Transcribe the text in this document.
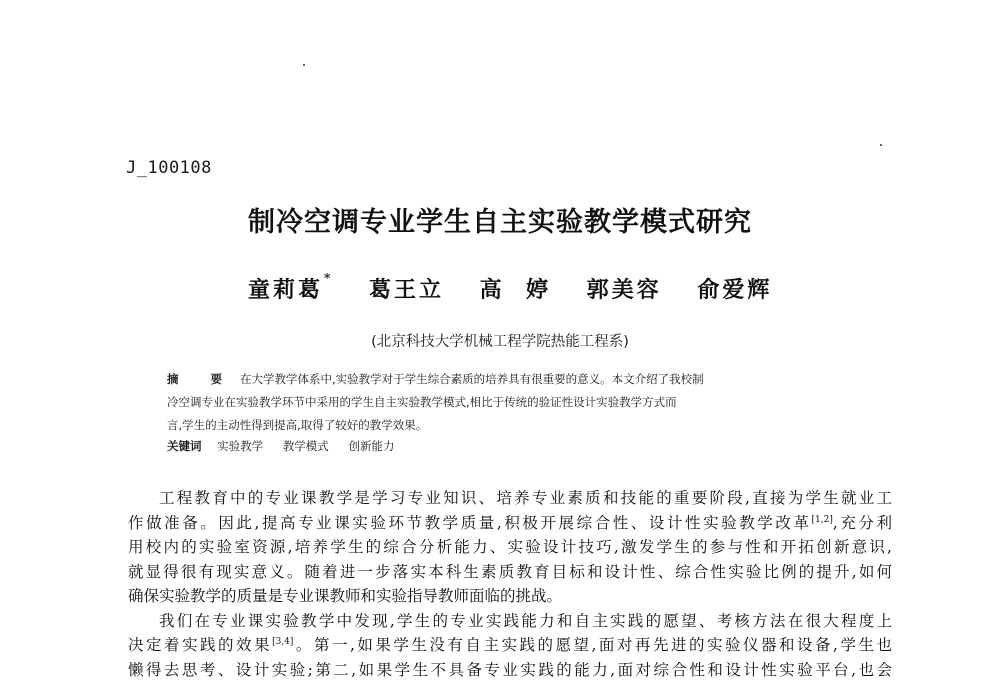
J_100108
制冷空调专业学生自主实验教学模式研究
童莉葛* 葛王立 高  婷 郭美容 俞爱辉
(北京科技大学机械工程学院热能工程系)
摘 要 在大学教学体系中,实验教学对于学生综合素质的培养具有很重要的意义。本文介绍了我校制
冷空调专业在实验教学环节中采用的学生自主实验教学模式,相比于传统的验证性设计实验教学方式而
言,学生的主动性得到提高,取得了较好的教学效果。
关键词 实验教学 教学模式 创新能力
工程教育中的专业课教学是学习专业知识、培养专业素质和技能的重要阶段,直接为学生就业工
作做准备。因此,提高专业课实验环节教学质量,积极开展综合性、设计性实验教学改革[1,2],充分利
用校内的实验室资源,培养学生的综合分析能力、实验设计技巧,激发学生的参与性和开拓创新意识,
就显得很有现实意义。随着进一步落实本科生素质教育目标和设计性、综合性实验比例的提升,如何
确保实验教学的质量是专业课教师和实验指导教师面临的挑战。
我们在专业课实验教学中发现,学生的专业实践能力和自主实践的愿望、考核方法在很大程度上
决定着实践的效果[3,4]。第一,如果学生没有自主实践的愿望,面对再先进的实验仪器和设备,学生也
懒得去思考、设计实验;第二,如果学生不具备专业实践的能力,面对综合性和设计性实验平台,也会
